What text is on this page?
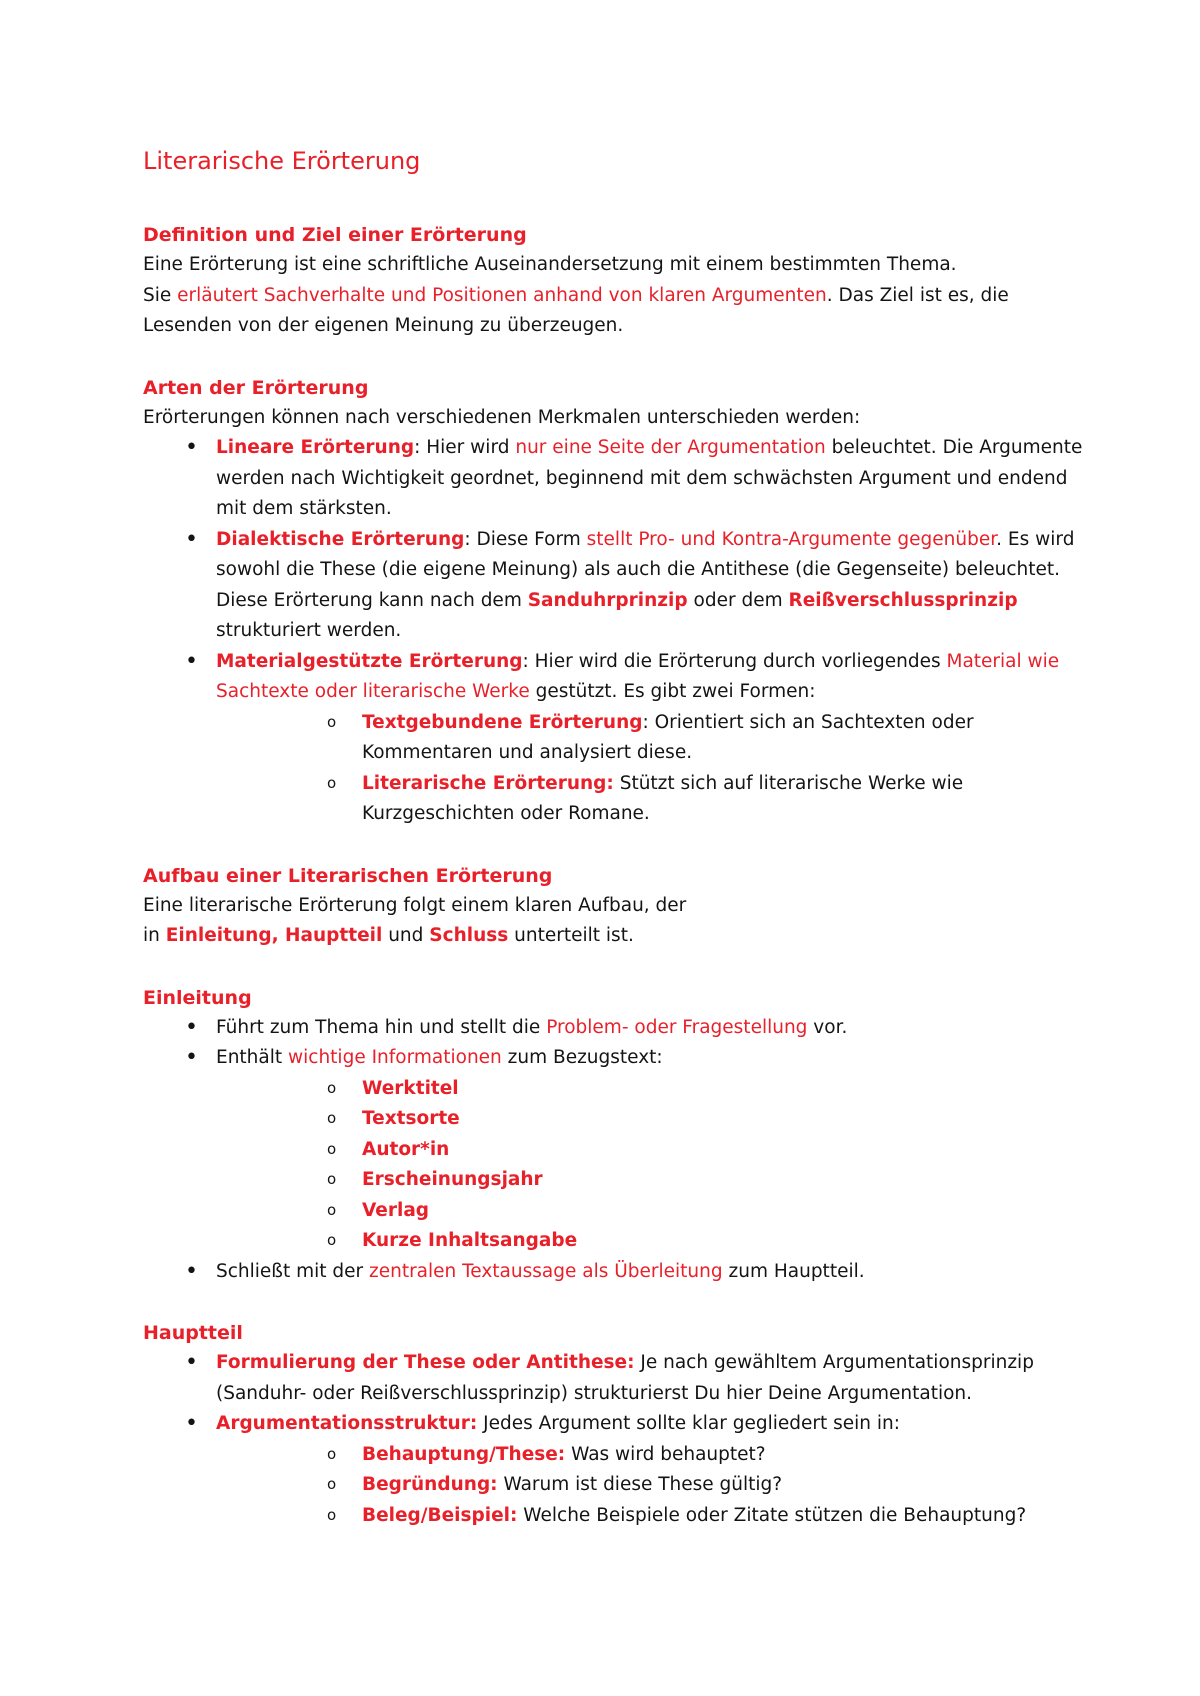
Literarische Erörterung
Definition und Ziel einer Erörterung

Eine Erörterung ist eine schriftliche Auseinandersetzung mit einem bestimmten Thema.
Sie erläutert Sachverhalte und Positionen anhand von klaren Argumenten. Das Ziel ist es, die Lesenden von der eigenen Meinung zu überzeugen.

Arten der Erörterung

Erörterungen können nach verschiedenen Merkmalen unterschieden werden:

• Lineare Erörterung: Hier wird nur eine Seite der Argumentation beleuchtet. Die Argumente werden nach Wichtigkeit geordnet, beginnend mit dem schwächsten Argument und endend mit dem stärksten.
• Dialektische Erörterung: Diese Form stellt Pro- und Kontra-Argumente gegenüber. Es wird sowohl die These (die eigene Meinung) als auch die Antithese (die Gegenseite) beleuchtet. Diese Erörterung kann nach dem Sanduhrprinzip oder dem Reißverschlussprinzip strukturiert werden.
• Materialgestützte Erörterung: Hier wird die Erörterung durch vorliegendes Material wie Sachtexte oder literarische Werke gestützt. Es gibt zwei Formen:
o Textgebundene Erörterung: Orientiert sich an Sachtexten oder Kommentaren und analysiert diese.
o Literarische Erörterung: Stützt sich auf literarische Werke wie Kurzgeschichten oder Romane.
Aufbau einer Literarischen Erörterung

Eine literarische Erörterung folgt einem klaren Aufbau, der
in Einleitung, Hauptteil und Schluss unterteilt ist.

Einleitung
• Führt zum Thema hin und stellt die Problem- oder Fragestellung vor.
• Enthält wichtige Informationen zum Bezugstext:
o Werktitel
o Textsorte
o Autor*in
o Erscheinungsjahr
o Verlag
o Kurze Inhaltsangabe
• Schließt mit der zentralen Textaussage als Überleitung zum Hauptteil.
Hauptteil
• Formulierung der These oder Antithese: Je nach gewähltem Argumentationsprinzip (Sanduhr- oder Reißverschlussprinzip) strukturierst Du hier Deine Argumentation.
• Argumentationsstruktur: Jedes Argument sollte klar gegliedert sein in:
o Behauptung/These: Was wird behauptet?
o Begründung: Warum ist diese These gültig?
o Beleg/Beispiel: Welche Beispiele oder Zitate stützen die Behauptung?
